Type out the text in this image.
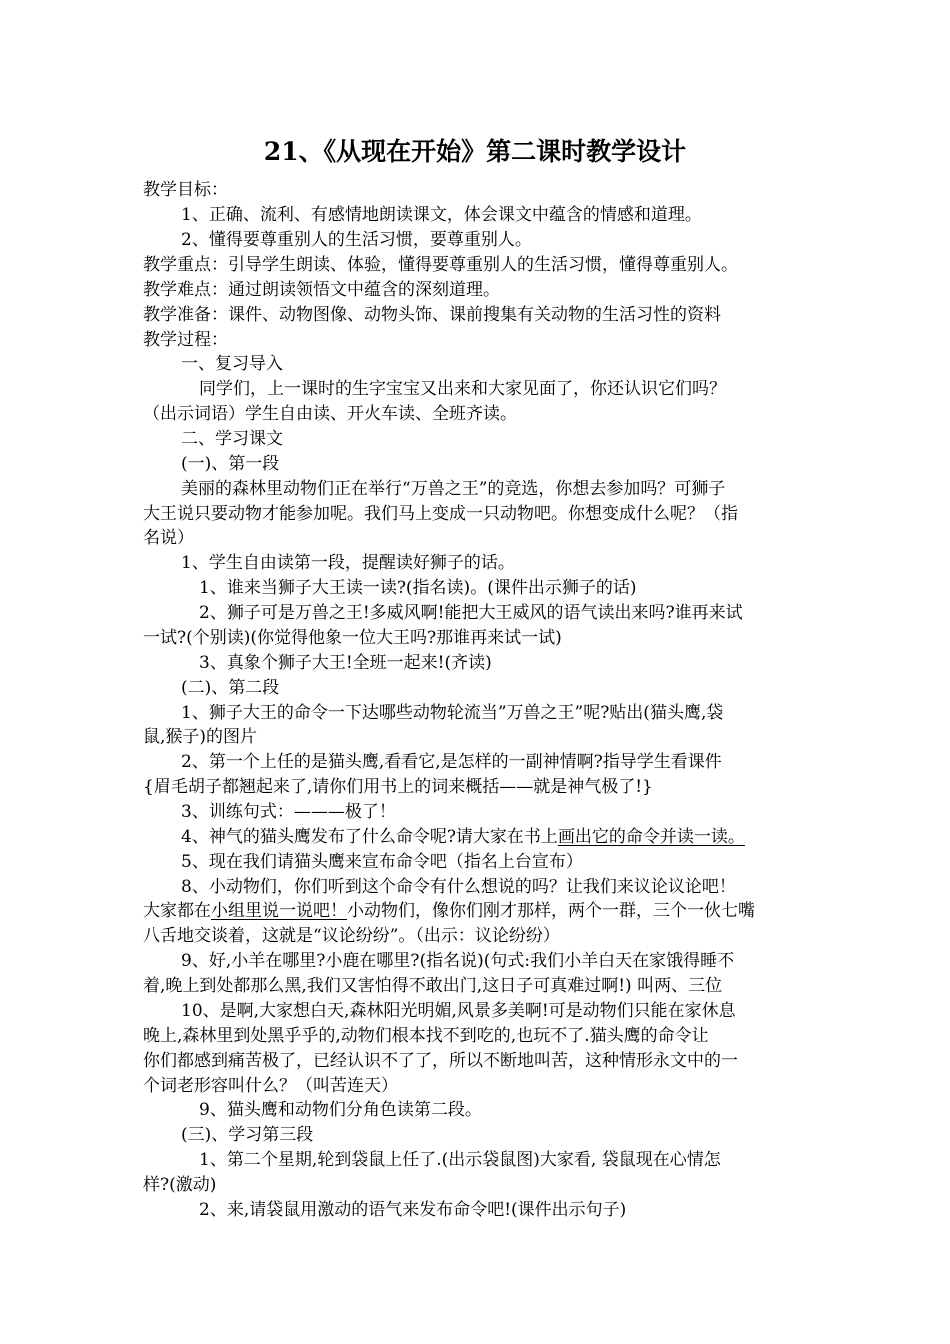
21、《从现在开始》第二课时教学设计
教学目标：
1、正确、流利、有感情地朗读课文，体会课文中蕴含的情感和道理。
2、懂得要尊重别人的生活习惯，要尊重别人。
教学重点：引导学生朗读、体验，懂得要尊重别人的生活习惯，懂得尊重别人。
教学难点：通过朗读领悟文中蕴含的深刻道理。
教学准备：课件、动物图像、动物头饰、课前搜集有关动物的生活习性的资料
教学过程：
一、复习导入
同学们，上一课时的生字宝宝又出来和大家见面了，你还认识它们吗？
（出示词语）学生自由读、开火车读、全班齐读。
二、学习课文
(一)、第一段
美丽的森林里动物们正在举行“万兽之王”的竞选，你想去参加吗？可狮子
大王说只要动物才能参加呢。我们马上变成一只动物吧。你想变成什么呢？（指
名说）
1、学生自由读第一段，提醒读好狮子的话。
1、谁来当狮子大王读一读?(指名读)。(课件出示狮子的话)
2、狮子可是万兽之王!多威风啊!能把大王威风的语气读出来吗?谁再来试
一试?(个别读)(你觉得他象一位大王吗?那谁再来试一试)
3、真象个狮子大王!全班一起来!(齐读)
(二)、第二段
1、狮子大王的命令一下达哪些动物轮流当”万兽之王”呢?贴出(猫头鹰,袋
鼠,猴子)的图片
2、第一个上任的是猫头鹰,看看它,是怎样的一副神情啊?指导学生看课件
{眉毛胡子都翘起来了,请你们用书上的词来概括——就是神气极了!}
3、训练句式：———极了！
4、神气的猫头鹰发布了什么命令呢?请大家在书上画出它的命令并读一读。
5、现在我们请猫头鹰来宣布命令吧（指名上台宣布）
8、小动物们，你们听到这个命令有什么想说的吗？让我们来议论议论吧！
大家都在小组里说一说吧！小动物们，像你们刚才那样，两个一群，三个一伙七嘴
八舌地交谈着，这就是“议论纷纷”。（出示：议论纷纷）
9、好,小羊在哪里?小鹿在哪里?(指名说)(句式:我们小羊白天在家饿得睡不
着,晚上到处都那么黑,我们又害怕得不敢出门,这日子可真难过啊!) 叫两、三位
10、是啊,大家想白天,森林阳光明媚,风景多美啊!可是动物们只能在家休息
晚上,森林里到处黑乎乎的,动物们根本找不到吃的,也玩不了.猫头鹰的命令让
你们都感到痛苦极了，已经认识不了了，所以不断地叫苦，这种情形永文中的一
个词老形容叫什么？（叫苦连天）
9、猫头鹰和动物们分角色读第二段。
(三)、学习第三段
1、第二个星期,轮到袋鼠上任了.(出示袋鼠图)大家看, 袋鼠现在心情怎
样?(激动)
2、来,请袋鼠用激动的语气来发布命令吧!(课件出示句子)
